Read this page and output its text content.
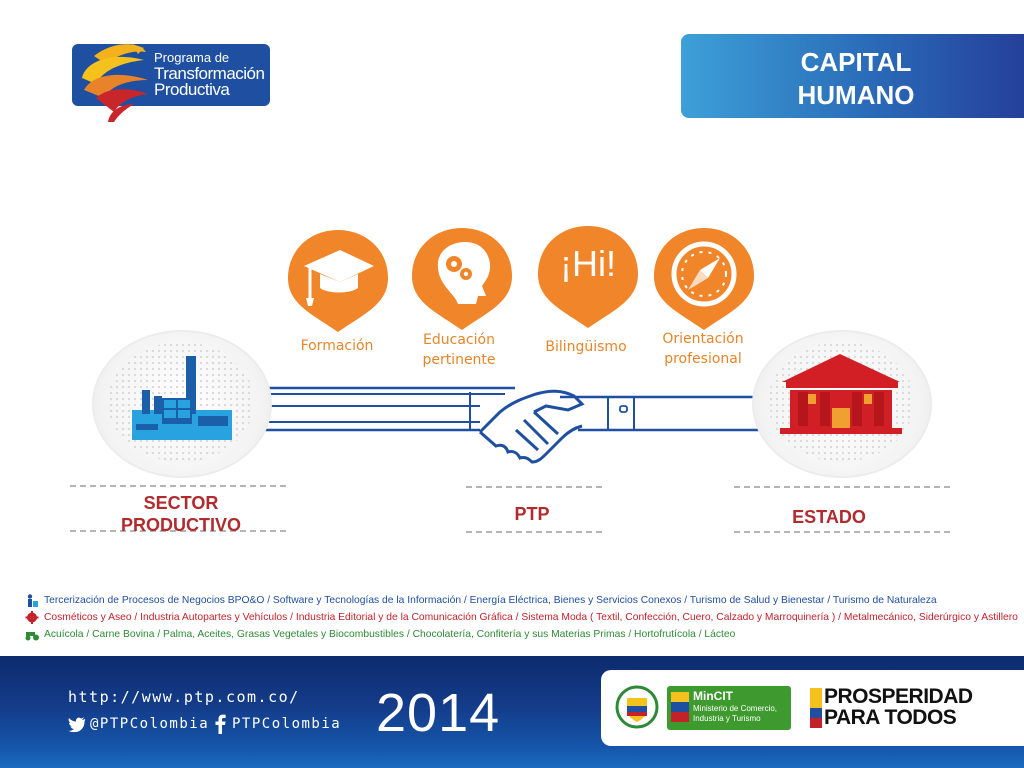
Programa de
Transformación
Productiva
CAPITAL
HUMANO
¡Hi!
Formación	Educación
pertinente
Bilingüismo	Orientación
profesional
SECTOR
PRODUCTIVO
PTP	ESTADO
Tercerización de Procesos de Negocios BPO&O / Software y Tecnologías de la Información / Energía Eléctrica, Bienes y Servicios Conexos / Turismo de Salud y Bienestar / Turismo de Naturaleza
Cosméticos y Aseo / Industria Autopartes y Vehículos / Industria Editorial y de la Comunicación Gráfica / Sistema Moda ( Textil, Confección, Cuero, Calzado y Marroquinería ) / Metalmecánico, Siderúrgico y Astillero
Acuícola / Carne Bovina / Palma, Aceites, Grasas Vegetales y Biocombustibles / Chocolatería, Confitería y sus Materias Primas / Hortofrutícola / Lácteo
http://www.ptp.com.co/
@PTPColombia PTPColombia 2014	MinCIT
Ministerio de Comercio,
Industria y Turismo
PROSPERIDAD
PARA TODOS
